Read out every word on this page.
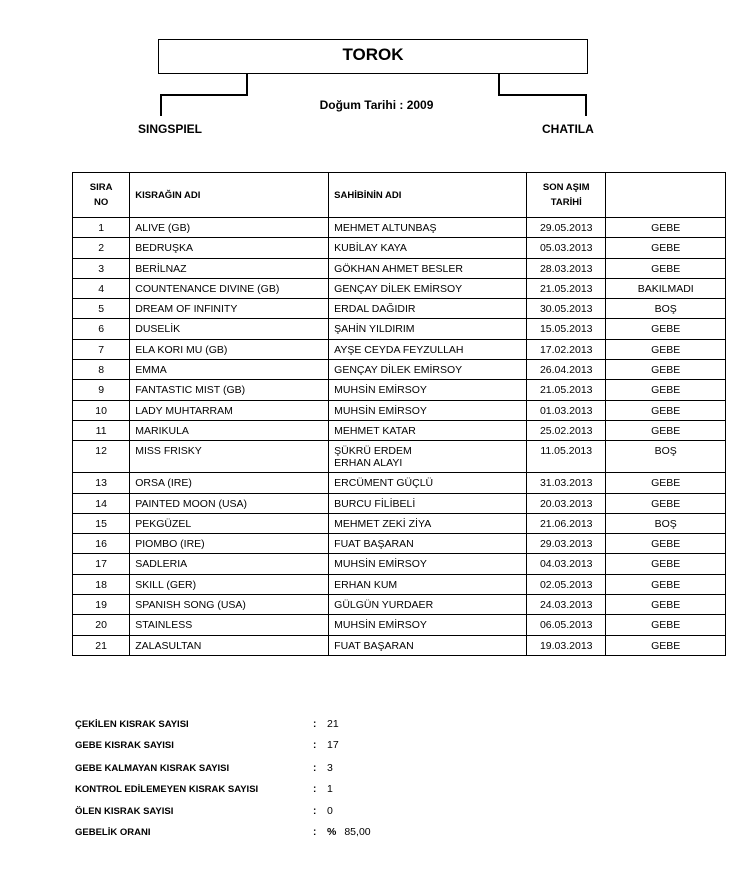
TOROK
Doğum Tarihi : 2009
SINGSPIEL	CHATILA
SIRA
NO	KISRAĞIN ADI	SAHİBİNİN ADI	SON AŞIM
TARİHİ	
1	ALIVE (GB)	MEHMET ALTUNBAŞ	29.05.2013	GEBE
2	BEDRUŞKA	KUBİLAY KAYA	05.03.2013	GEBE
3	BERİLNAZ	GÖKHAN AHMET BESLER	28.03.2013	GEBE
4	COUNTENANCE DIVINE (GB)	GENÇAY DİLEK EMİRSOY	21.05.2013	BAKILMADI
5	DREAM OF INFINITY	ERDAL DAĞIDIR	30.05.2013	BOŞ
6	DUSELİK	ŞAHİN YILDIRIM	15.05.2013	GEBE
7	ELA KORI MU (GB)	AYŞE CEYDA FEYZULLAH	17.02.2013	GEBE
8	EMMA	GENÇAY DİLEK EMİRSOY	26.04.2013	GEBE
9	FANTASTIC MIST (GB)	MUHSİN EMİRSOY	21.05.2013	GEBE
10	LADY MUHTARRAM	MUHSİN EMİRSOY	01.03.2013	GEBE
11	MARIKULA	MEHMET KATAR	25.02.2013	GEBE
12	MISS FRISKY	ŞÜKRÜ ERDEM
ERHAN ALAYI	11.05.2013	BOŞ
13	ORSA (IRE)	ERCÜMENT GÜÇLÜ	31.03.2013	GEBE
14	PAINTED MOON (USA)	BURCU FİLİBELİ	20.03.2013	GEBE
15	PEKGÜZEL	MEHMET ZEKİ ZİYA	21.06.2013	BOŞ
16	PIOMBO (IRE)	FUAT BAŞARAN	29.03.2013	GEBE
17	SADLERIA	MUHSİN EMİRSOY	04.03.2013	GEBE
18	SKILL (GER)	ERHAN KUM	02.05.2013	GEBE
19	SPANISH SONG (USA)	GÜLGÜN YURDAER	24.03.2013	GEBE
20	STAINLESS	MUHSİN EMİRSOY	06.05.2013	GEBE
21	ZALASULTAN	FUAT BAŞARAN	19.03.2013	GEBE
ÇEKİLEN KISRAK SAYISI	: 21
GEBE KISRAK SAYISI	: 17
GEBE KALMAYAN KISRAK SAYISI	: 3
KONTROL EDİLEMEYEN KISRAK SAYISI	: 1
ÖLEN KISRAK SAYISI	: 0
GEBELİK ORANI	: % 85,00
